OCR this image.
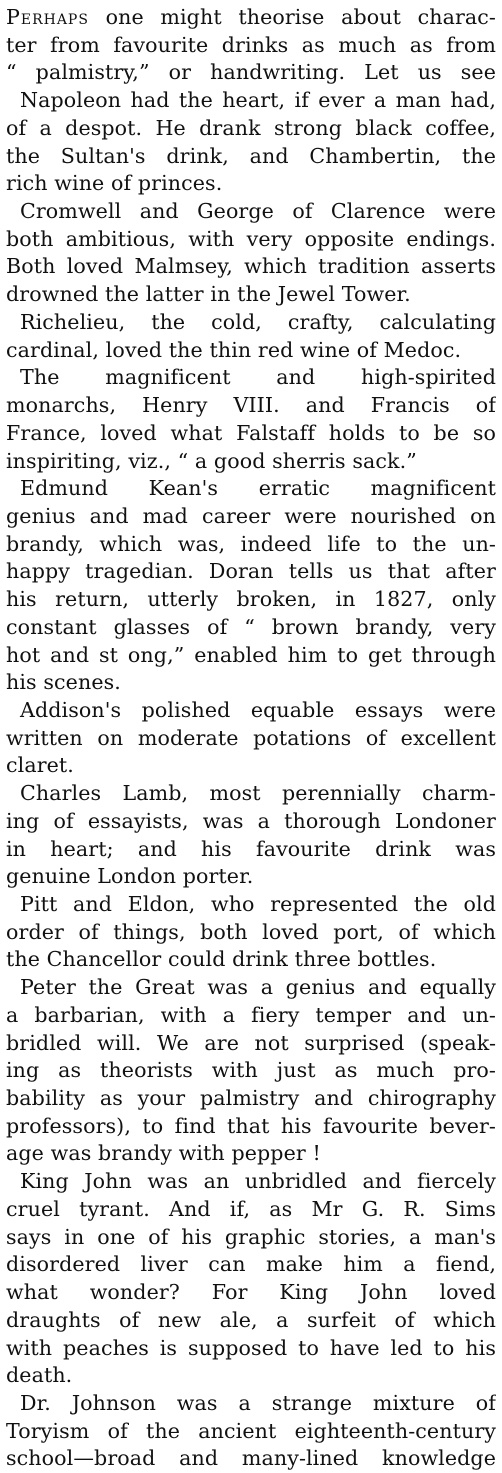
Perhaps one might theorise about charac-
ter from favourite drinks as much as from
“ palmistry,” or handwriting. Let us see
Napoleon had the heart, if ever a man had,
of a despot. He drank strong black coffee,
the Sultan's drink, and Chambertin, the
rich wine of princes.
Cromwell and George of Clarence were
both ambitious, with very opposite endings.
Both loved Malmsey, which tradition asserts
drowned the latter in the Jewel Tower.
Richelieu, the cold, crafty, calculating
cardinal, loved the thin red wine of Medoc.
The magnificent and high-spirited
monarchs, Henry VIII. and Francis of
France, loved what Falstaff holds to be so
inspiriting, viz., “ a good sherris sack.”
Edmund Kean's erratic magnificent
genius and mad career were nourished on
brandy, which was, indeed life to the un-
happy tragedian. Doran tells us that after
his return, utterly broken, in 1827, only
constant glasses of “ brown brandy, very
hot and st ong,” enabled him to get through
his scenes.
Addison's polished equable essays were
written on moderate potations of excellent
claret.
Charles Lamb, most perennially charm-
ing of essayists, was a thorough Londoner
in heart; and his favourite drink was
genuine London porter.
Pitt and Eldon, who represented the old
order of things, both loved port, of which
the Chancellor could drink three bottles.
Peter the Great was a genius and equally
a barbarian, with a fiery temper and un-
bridled will. We are not surprised (speak-
ing as theorists with just as much pro-
bability as your palmistry and chirography
professors), to find that his favourite bever-
age was brandy with pepper !
King John was an unbridled and fiercely
cruel tyrant. And if, as Mr G. R. Sims
says in one of his graphic stories, a man's
disordered liver can make him a fiend,
what wonder? For King John loved
draughts of new ale, a surfeit of which
with peaches is supposed to have led to his
death.
Dr. Johnson was a strange mixture of
Toryism of the ancient eighteenth-century
school—broad and many-lined knowledge
